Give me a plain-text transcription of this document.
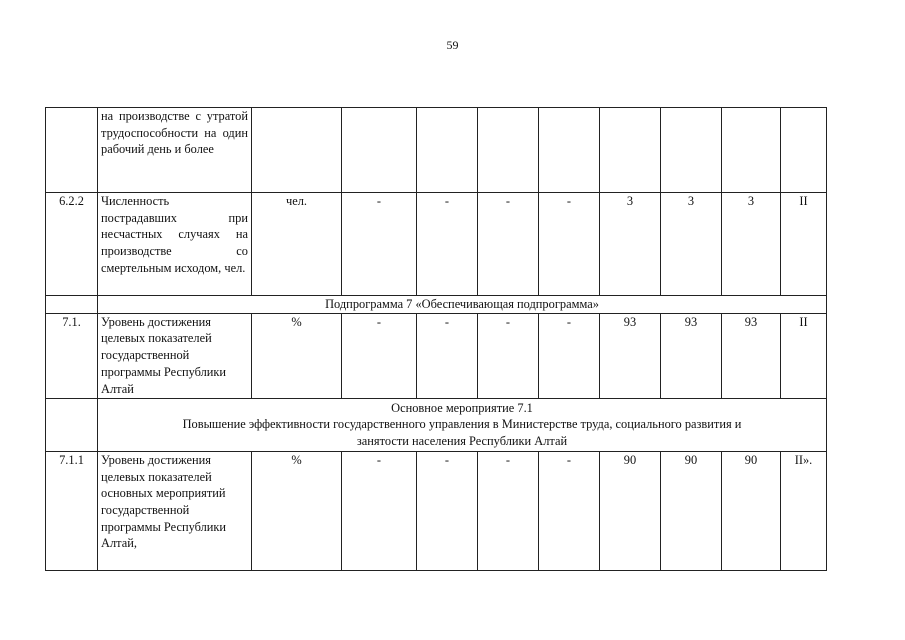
59
	на производстве с утратой трудоспособности на один рабочий день и более									
6.2.2	Численность пострадавших при несчастных случаях на производстве со смертельным исходом, чел.	чел.	-	-	-	-	3	3	3	II
	Подпрограмма 7 «Обеспечивающая подпрограмма»									
7.1.	Уровень достижения целевых показателей государственной программы Республики Алтай	%	-	-	-	-	93	93	93	II

	Основное мероприятие 7.1
Повышение эффективности государственного управления в Министерстве труда, социального развития и
занятости населения Республики Алтай									

7.1.1	Уровень достижения целевых показателей основных мероприятий государственной программы Республики Алтай,	%	-	-	-	-	90	90	90	II».
